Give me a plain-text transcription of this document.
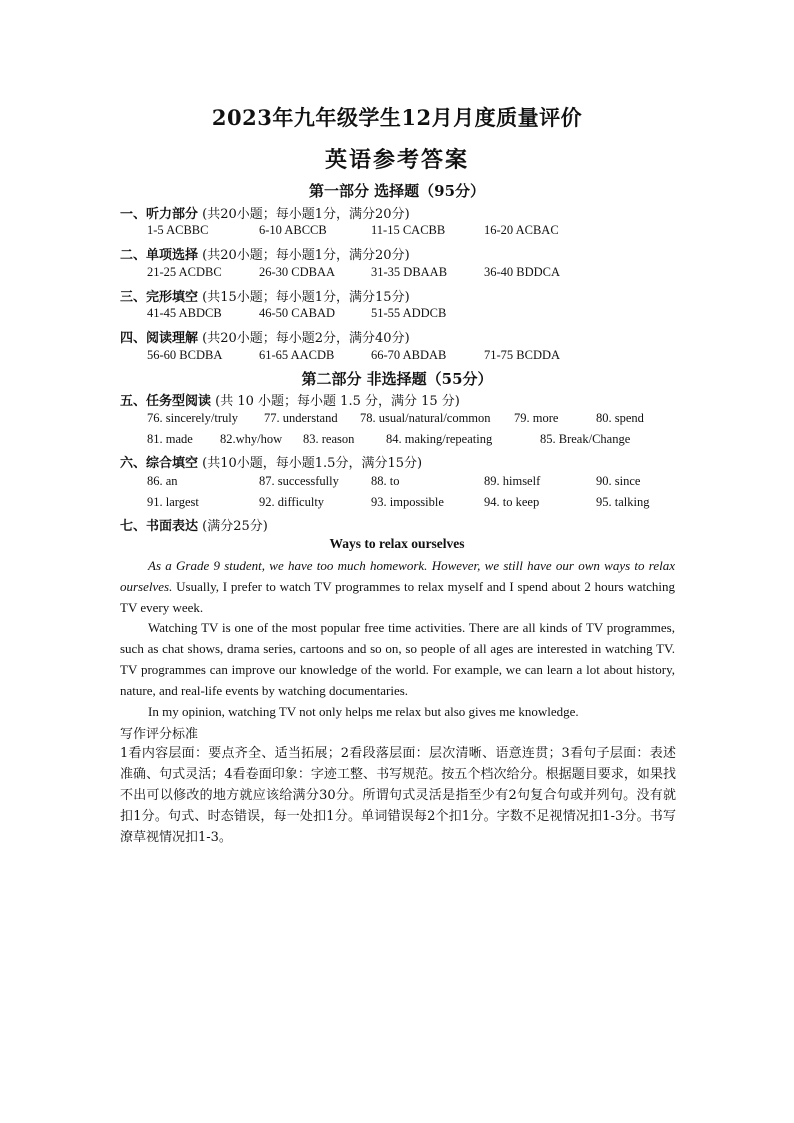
2023年九年级学生12月月度质量评价
英语参考答案
第一部分 选择题（95分）
一、听力部分 (共20小题；每小题1分，满分20分)
1-5 ACBBC	6-10 ABCCB	11-15 CACBB	16-20 ACBAC
二、单项选择 (共20小题；每小题1分，满分20分)
21-25 ACDBC	26-30 CDBAA	31-35 DBAAB	36-40 BDDCA
三、完形填空 (共15小题；每小题1分，满分15分)
41-45 ABDCB	46-50 CABAD	51-55 ADDCB
四、阅读理解 (共20小题；每小题2分，满分40分)
56-60 BCDBA	61-65 AACDB	66-70 ABDAB	71-75 BCDDA
第二部分 非选择题（55分）
五、任务型阅读 (共 10 小题；每小题 1.5 分，满分 15 分)
76. sincerely/truly 77. understand 78. usual/natural/common 79. more	80. spend
81. made 82.why/how 83. reason	84. making/repeating	85. Break/Change
六、综合填空 (共10小题，每小题1.5分，满分15分)
86. an	87. successfully	88. to	89. himself	90. since
91. largest	92. difficulty	93. impossible	94. to keep	95. talking
七、书面表达 (满分25分)
Ways to relax ourselves
As a Grade 9 student, we have too much homework. However, we still have our own ways to relax ourselves. Usually, I prefer to watch TV programmes to relax myself and I spend about 2 hours watching TV every week.
Watching TV is one of the most popular free time activities. There are all kinds of TV programmes, such as chat shows, drama series, cartoons and so on, so people of all ages are interested in watching TV. TV programmes can improve our knowledge of the world. For example, we can learn a lot about history, nature, and real-life events by watching documentaries.
In my opinion, watching TV not only helps me relax but also gives me knowledge.
写作评分标准
1看内容层面：要点齐全、适当拓展；2看段落层面：层次清晰、语意连贯；3看句子层面：表述准确、句式灵活；4看卷面印象：字迹工整、书写规范。按五个档次给分。根据题目要求，如果找不出可以修改的地方就应该给满分30分。所谓句式灵活是指至少有2句复合句或并列句。没有就扣1分。句式、时态错误，每一处扣1分。单词错误每2个扣1分。字数不足视情况扣1-3分。书写潦草视情况扣1-3。
